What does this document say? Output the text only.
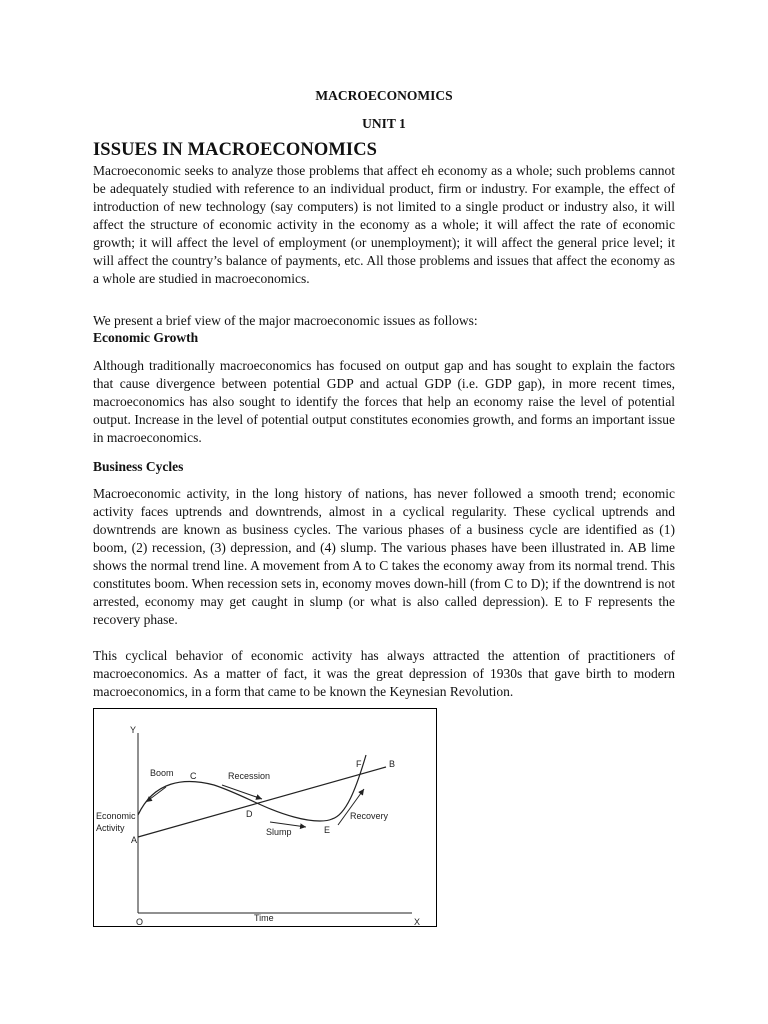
MACROECONOMICS
UNIT 1
ISSUES IN MACROECONOMICS
Macroeconomic seeks to analyze those problems that affect eh economy as a whole; such problems cannot be adequately studied with reference to an individual product, firm or industry. For example, the effect of introduction of new technology (say computers) is not limited to a single product or industry also, it will affect the structure of economic activity in the economy as a whole; it will affect the rate of economic growth; it will affect the level of employment (or unemployment); it will affect the general price level; it will affect the country’s balance of payments, etc. All those problems and issues that affect the economy as a whole are studied in macroeconomics.
We present a brief view of the major macroeconomic issues as follows:
Economic Growth
Although traditionally macroeconomics has focused on output gap and has sought to explain the factors that cause divergence between potential GDP and actual GDP (i.e. GDP gap), in more recent times, macroeconomics has also sought to identify the forces that help an economy raise the level of potential output. Increase in the level of potential output constitutes economies growth, and forms an important issue in macroeconomics.
Business Cycles
Macroeconomic activity, in the long history of nations, has never followed a smooth trend; economic activity faces uptrends and downtrends, almost in a cyclical regularity. These cyclical uptrends and downtrends are known as business cycles. The various phases of a business cycle are identified as (1) boom, (2) recession, (3) depression, and (4) slump. The various phases have been illustrated in. AB lime shows the normal trend line. A movement from A to C takes the economy away from its normal trend. This constitutes boom. When recession sets in, economy moves down-hill (from C to D); if the downtrend is not arrested, economy may get caught in slump (or what is also called depression). E to F represents the recovery phase.
This cyclical behavior of economic activity has always attracted the attention of practitioners of macroeconomics. As a matter of fact, it was the great depression of 1930s that gave birth to modern macroeconomics, in a form that came to be known the Keynesian Revolution.
Y
X
O	Time
Economic
Activity
A
B
C
D
E
F
Boom	Recession
Slump
Recovery
